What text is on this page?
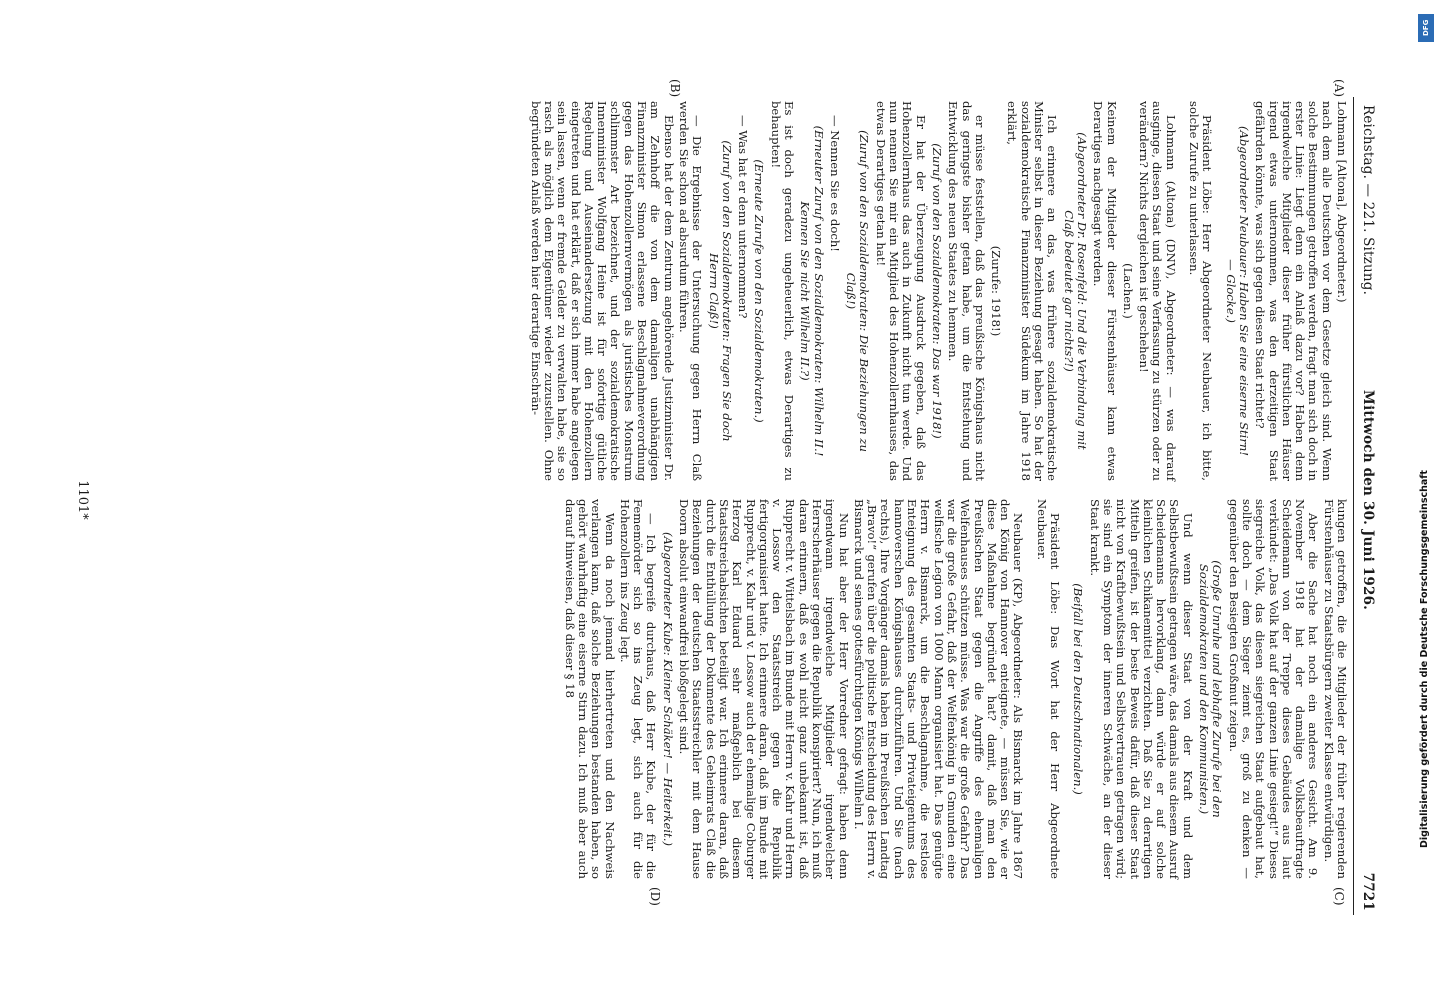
Reichstag. — 221. Sitzung.
Mittwoch den 30. Juni 1926.
7721
(A)
(B)
(C)
(D)

Lohmann [Altona], Abgeordneter.)

nach dem alle Deutschen vor dem Gesetze gleich sind. Wenn solche Bestimmungen getroffen werden, fragt man sich doch in erster Linie: Liegt denn ein Anlaß dazu vor? Haben denn irgendwelche Mitglieder dieser früher fürstlichen Häuser irgend etwas unternommen, was den derzeitigen Staat gefährden könnte, was sich gegen diesen Staat richtet?

(Abgeordneter Neubauer: Haben Sie eine eiserne Stirn! — Glocke.)

Präsident Löbe: Herr Abgeordneter Neubauer, ich bitte, solche Zurufe zu unterlassen.

Lohmann (Altona) (DNV), Abgeordneter: — was darauf ausginge, diesen Staat und seine Verfassung zu stürzen oder zu verändern? Nichts dergleichen ist geschehen!

(Lachen.)

Keinem der Mitglieder dieser Fürstenhäuser kann etwas Derartiges nachgesagt werden.

(Abgeordneter Dr. Rosenfeld: Und die Verbindung mit Claß bedeutet gar nichts?!)

Ich erinnere an das, was frühere sozialdemokratische Minister selbst in dieser Beziehung gesagt haben. So hat der sozialdemokratische Finanzminister Südekum im Jahre 1918 erklärt,

(Zurufe: 1918!)

er müsse feststellen, daß das preußische Königshaus nicht das geringste bisher getan habe, um die Entstehung und Entwicklung des neuen Staates zu hemmen.

(Zuruf von den Sozialdemokraten: Das war 1918!)

Er hat der Überzeugung Ausdruck gegeben, daß das Hohenzollernhaus das auch in Zukunft nicht tun werde. Und nun nennen Sie mir ein Mitglied des Hohenzollernhauses, das etwas Derartiges getan hat!

(Zuruf von den Sozialdemokraten: Die Beziehungen zu Claß!)

— Nennen Sie es doch!

(Erneuter Zuruf von den Sozialdemokraten: Wilhelm II.! Kennen Sie nicht Wilhelm II.?)

Es ist doch geradezu ungeheuerlich, etwas Derartiges zu behaupten!

(Erneute Zurufe von den Sozialdemokraten.)

— Was hat er denn unternommen?

(Zuruf von den Sozialdemokraten: Fragen Sie doch Herrn Claß!)

— Die Ergebnisse der Untersuchung gegen Herrn Claß werden Sie schon ad absurdum führen.

Ebenso hat der dem Zentrum angehörende Justizminister Dr. am Zehnhoff die von dem damaligen unabhängigen Finanzminister Simon erlassene Beschlagnahmeverordnung gegen das Hohenzollernvermögen als juristisches Monstrum schlimmster Art bezeichnet, und der sozialdemokratische Innenminister Wolfgang Heine ist für sofortige gütliche Regelung und Auseinandersetzung mit den Hohenzollern eingetreten und hat erklärt, daß er sich immer habe angelegen sein lassen, wenn er fremde Gelder zu verwalten habe, sie so rasch als möglich dem Eigentümer wieder zuzustellen. Ohne begründeten Anlaß werden hier derartige Einschrän-

kungen getroffen, die die Mitglieder der früher regierenden Fürstenhäuser zu Staatsbürgern zweiter Klasse entwürdigen.

Aber die Sache hat noch ein anderes Gesicht. Am 9. November 1918 hat der damalige Volksbeauftragte Scheidemann von der Treppe dieses Gebäudes aus laut verkündet: „Das Volk hat auf der ganzen Linie gesiegt!“ Dieses siegreiche Volk, das diesen siegreichen Staat aufgebaut hat, sollte doch — dem Sieger ziemt es, groß zu denken — gegenüber den Besiegten Großmut zeigen.

(Große Unruhe und lebhafte Zurufe bei den Sozialdemokraten und den Kommunisten.)

Und wenn dieser Staat von der Kraft und dem Selbstbewußtsein getragen wäre, das damals aus diesem Ausruf Scheidemanns hervorklang, dann würde er auf solche kleinlichen Schikanemittel verzichten. Daß Sie zu derartigen Mitteln greifen, ist der beste Beweis dafür, daß dieser Staat nicht von Kraftbewußtsein und Selbstvertrauen getragen wird; sie sind ein Symptom der inneren Schwäche, an der dieser Staat krankt.

(Beifall bei den Deutschnationalen.)

Präsident Löbe: Das Wort hat der Herr Abgeordnete Neubauer.

Neubauer (KP), Abgeordneter: Als Bismarck im Jahre 1867 den König von Hannover enteignete, — müssen Sie, wie er diese Maßnahme begründet hat? damit, daß man den Preußischen Staat gegen die Angriffe des ehemaligen Welfenhauses schützen müsse. Was war die große Gefahr? Das war die große Gefahr, daß der Welfenkönig in Gmunden eine welfische Legion von 1000 Mann organisiert hat. Das genügte Herrn v. Bismarck, um die Beschlagnahme, die restlose Enteignung des gesamten Staats- und Privateigentums des hannoverschen Königshauses durchzuführen. Und Sie (nach rechts), Ihre Vorgänger damals haben im Preußischen Landtag „Bravo!“ gerufen über die politische Entscheidung des Herrn v. Bismarck und seines gottesfürchtigen Königs Wilhelm I.

Nun hat aber der Herr Vorredner gefragt: haben denn irgendwann irgendwelche Mitglieder irgendwelcher Herrscherhäuser gegen die Republik konspiriert? Nun, ich muß daran erinnern, daß es wohl nicht ganz unbekannt ist, daß Rupprecht v. Wittelsbach im Bunde mit Herrn v. Kahr und Herrn v. Lossow den Staatsstreich gegen die Republik fertigorganisiert hatte. Ich erinnere daran, daß im Bunde mit Rupprecht, v. Kahr und v. Lossow auch der ehemalige Coburger Herzog Karl Eduard sehr maßgeblich bei diesem Staatsstreichabsichten beteiligt war. Ich erinnere daran, daß durch die Enthüllung der Dokumente des Geheimrats Claß die Beziehungen der deutschen Staatsstreichler mit dem Hause Doorn absolut einwandfrei bloßgelegt sind.

(Abgeordneter Kube: Kleiner Schäker! — Heiterkeit.)

— Ich begreife durchaus, daß Herr Kube, der für die Fememörder sich so ins Zeug legt, sich auch für die Hohenzollern ins Zeug legt.

Wenn da noch jemand hierhertreten und den Nachweis verlangen kann, daß solche Beziehungen bestanden haben, so gehört wahrhaftig eine eiserne Stirn dazu. Ich muß aber auch darauf hinweisen, daß dieser § 18

1101*
DFG
Digitalisierung gefördert durch die Deutsche Forschungsgemeinschaft
